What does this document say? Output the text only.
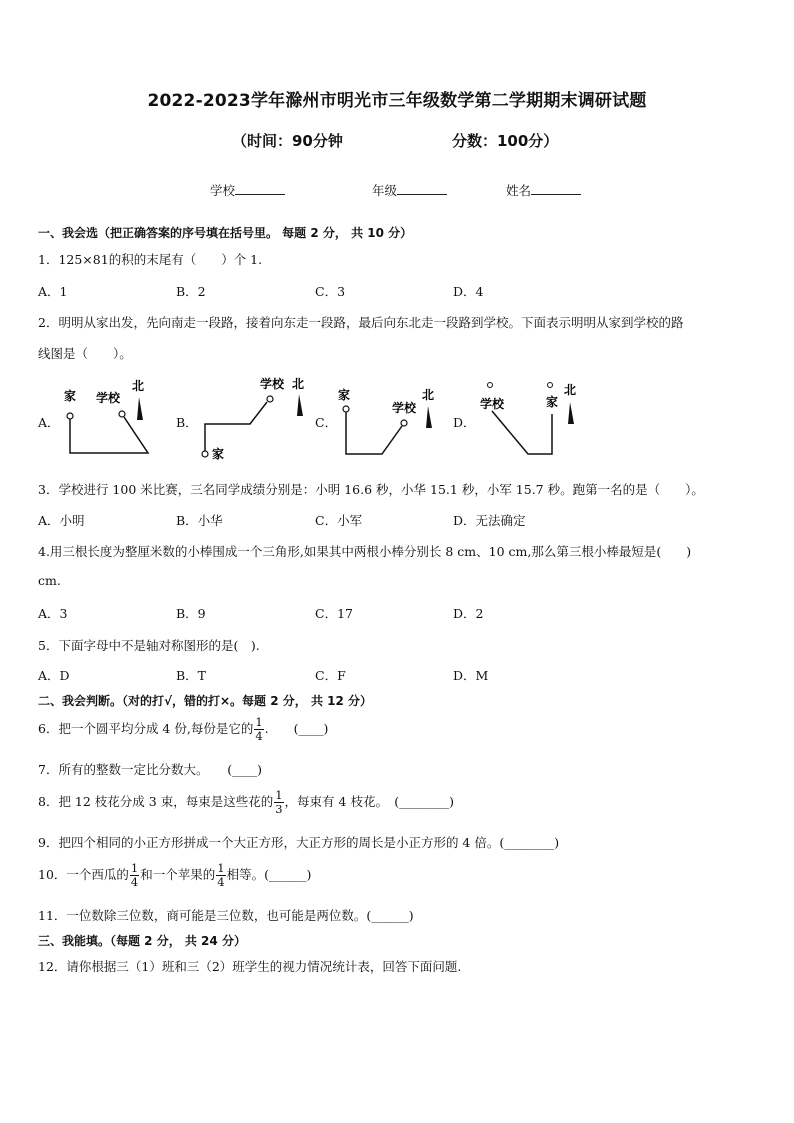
2022-2023学年滁州市明光市三年级数学第二学期期末调研试题
（时间：90分钟	分数：100分）
学校	年级	姓名
一、我会选（把正确答案的序号填在括号里。 每题 2 分， 共 10 分）
1．125×81的积的末尾有（　　）个 1.
A．1	B．2	C．3	D．4
2．明明从家出发，先向南走一段路，接着向东走一段路，最后向东北走一段路到学校。下面表示明明从家到学校的路
线图是（　　）。
A．	B．	C．	D．
家 学校
北	学校 北
家
家
学校
北
学校	家
北
3．学校进行 100 米比赛，三名同学成绩分别是：小明 16.6 秒，小华 15.1 秒，小军 15.7 秒。跑第一名的是（　　）。
A．小明	B．小华	C．小军	D．无法确定
4.用三根长度为整厘米数的小棒围成一个三角形,如果其中两根小棒分别长 8 cm、10 cm,那么第三根小棒最短是(　　)
cm.
A．3	B．9	C．17	D．2
5．下面字母中不是轴对称图形的是(　).
A．D	B．T	C．F	D．M
二、我会判断。（对的打√，错的打×。每题 2 分， 共 12 分）
6．把一个圆平均分成 4 份,每份是它的 $\frac{1}{4}$ .　　(____)
7．所有的整数一定比分数大。　　(____)
8．把 12 枝花分成 3 束，每束是这些花的 $\frac{1}{3}$ ，每束有 4 枝花。　(________)
9．把四个相同的小正方形拼成一个大正方形，大正方形的周长是小正方形的 4 倍。(________)
10．一个西瓜的 $\frac{1}{4}$ 和一个苹果的 $\frac{1}{4}$ 相等。(______)
11．一位数除三位数，商可能是三位数，也可能是两位数。(______)
三、我能填。（每题 2 分， 共 24 分）
12．请你根据三（1）班和三（2）班学生的视力情况统计表，回答下面问题.
